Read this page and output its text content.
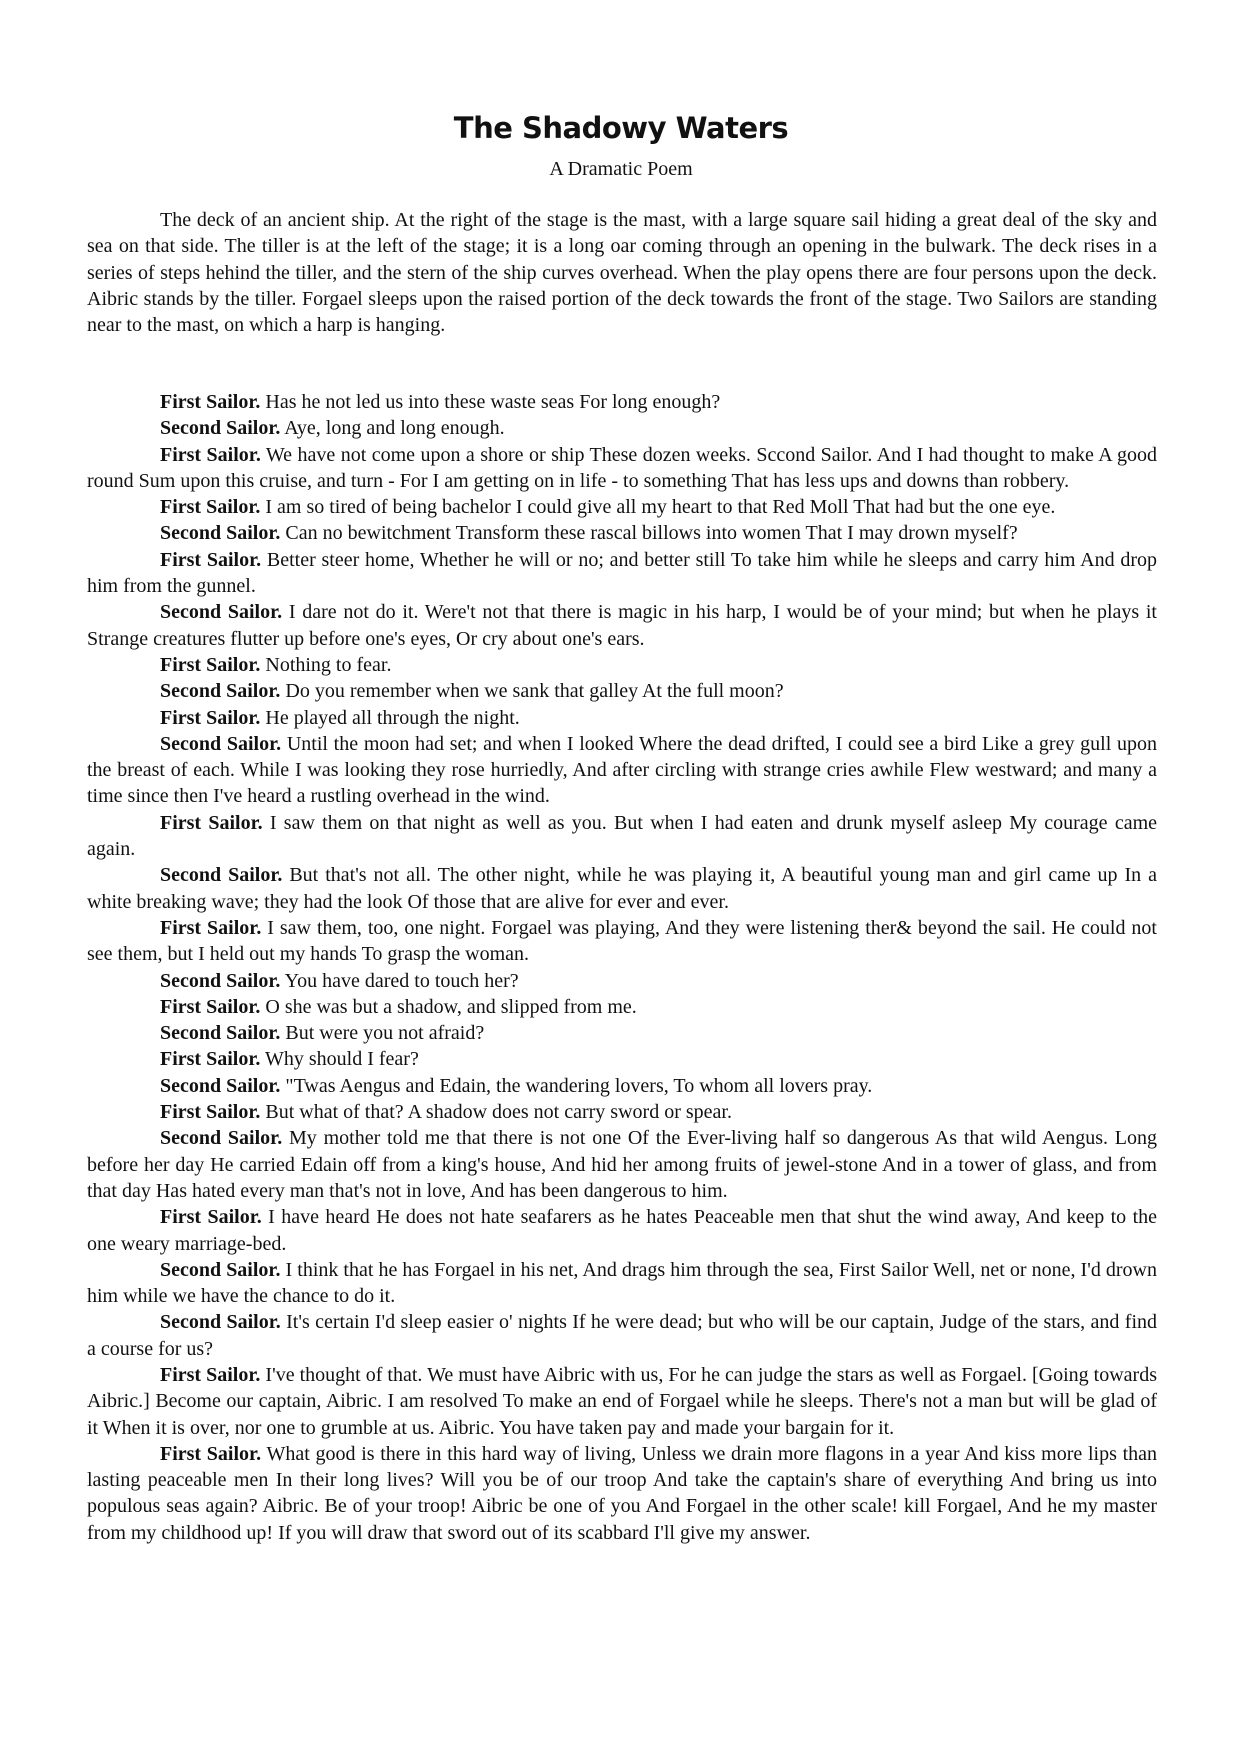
The Shadowy Waters

A Dramatic Poem

The deck of an ancient ship. At the right of the stage is the mast, with a large square sail hiding a great deal of the sky and sea on that side. The tiller is at the left of the stage; it is a long oar coming through an opening in the bulwark. The deck rises in a series of steps hehind the tiller, and the stern of the ship curves overhead. When the play opens there are four persons upon the deck. Aibric stands by the tiller. Forgael sleeps upon the raised portion of the deck towards the front of the stage. Two Sailors are standing near to the mast, on which a harp is hanging.

First Sailor. Has he not led us into these waste seas For long enough?

Second Sailor. Aye, long and long enough.

First Sailor. We have not come upon a shore or ship These dozen weeks. Sccond Sailor. And I had thought to make A good round Sum upon this cruise, and turn - For I am getting on in life - to something That has less ups and downs than robbery.

First Sailor. I am so tired of being bachelor I could give all my heart to that Red Moll That had but the one eye.

Second Sailor. Can no bewitchment Transform these rascal billows into women That I may drown myself?

First Sailor. Better steer home, Whether he will or no; and better still To take him while he sleeps and carry him And drop him from the gunnel.

Second Sailor. I dare not do it. Were't not that there is magic in his harp, I would be of your mind; but when he plays it Strange creatures flutter up before one's eyes, Or cry about one's ears.

First Sailor. Nothing to fear.

Second Sailor. Do you remember when we sank that galley At the full moon?

First Sailor. He played all through the night.

Second Sailor. Until the moon had set; and when I looked Where the dead drifted, I could see a bird Like a grey gull upon the breast of each. While I was looking they rose hurriedly, And after circling with strange cries awhile Flew westward; and many a time since then I've heard a rustling overhead in the wind.

First Sailor. I saw them on that night as well as you. But when I had eaten and drunk myself asleep My courage came again.

Second Sailor. But that's not all. The other night, while he was playing it, A beautiful young man and girl came up In a white breaking wave; they had the look Of those that are alive for ever and ever.

First Sailor. I saw them, too, one night. Forgael was playing, And they were listening ther& beyond the sail. He could not see them, but I held out my hands To grasp the woman.

Second Sailor. You have dared to touch her?

First Sailor. O she was but a shadow, and slipped from me.

Second Sailor. But were you not afraid?

First Sailor. Why should I fear?

Second Sailor. "Twas Aengus and Edain, the wandering lovers, To whom all lovers pray.

First Sailor. But what of that? A shadow does not carry sword or spear.

Second Sailor. My mother told me that there is not one Of the Ever-living half so dangerous As that wild Aengus. Long before her day He carried Edain off from a king's house, And hid her among fruits of jewel-stone And in a tower of glass, and from that day Has hated every man that's not in love, And has been dangerous to him.

First Sailor. I have heard He does not hate seafarers as he hates Peaceable men that shut the wind away, And keep to the one weary marriage-bed.

Second Sailor. I think that he has Forgael in his net, And drags him through the sea, First Sailor Well, net or none, I'd drown him while we have the chance to do it.

Second Sailor. It's certain I'd sleep easier o' nights If he were dead; but who will be our captain, Judge of the stars, and find a course for us?

First Sailor. I've thought of that. We must have Aibric with us, For he can judge the stars as well as Forgael. [Going towards Aibric.] Become our captain, Aibric. I am resolved To make an end of Forgael while he sleeps. There's not a man but will be glad of it When it is over, nor one to grumble at us. Aibric. You have taken pay and made your bargain for it.

First Sailor. What good is there in this hard way of living, Unless we drain more flagons in a year And kiss more lips than lasting peaceable men In their long lives? Will you be of our troop And take the captain's share of everything And bring us into populous seas again? Aibric. Be of your troop! Aibric be one of you And Forgael in the other scale! kill Forgael, And he my master from my childhood up! If you will draw that sword out of its scabbard I'll give my answer.
